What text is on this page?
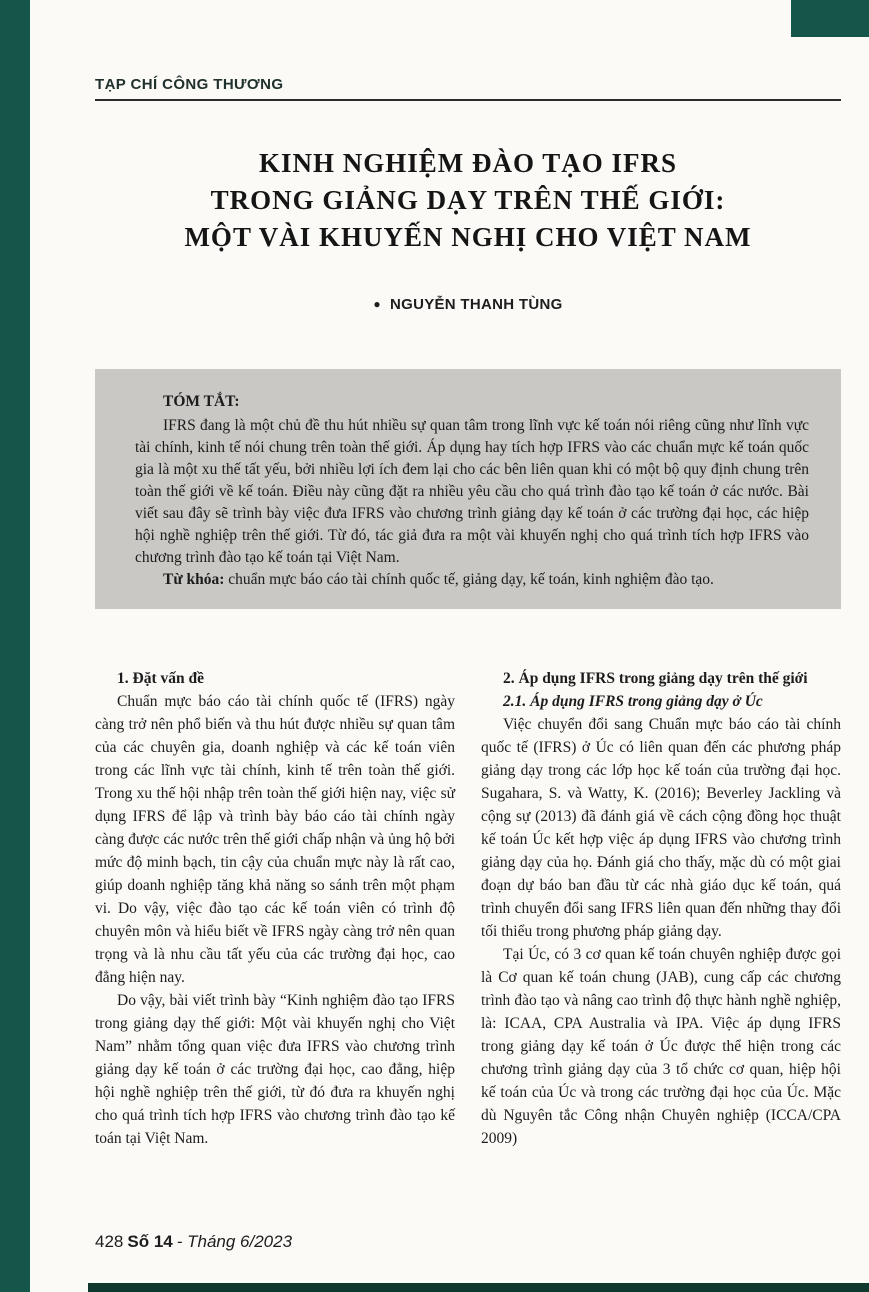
TẠP CHÍ CÔNG THƯƠNG
KINH NGHIỆM ĐÀO TẠO IFRS
TRONG GIẢNG DẠY TRÊN THẾ GIỚI:
MỘT VÀI KHUYẾN NGHỊ CHO VIỆT NAM
● NGUYỄN THANH TÙNG
TÓM TẮT:

IFRS đang là một chủ đề thu hút nhiều sự quan tâm trong lĩnh vực kế toán nói riêng cũng như lĩnh vực tài chính, kinh tế nói chung trên toàn thế giới. Áp dụng hay tích hợp IFRS vào các chuẩn mực kế toán quốc gia là một xu thế tất yếu, bởi nhiều lợi ích đem lại cho các bên liên quan khi có một bộ quy định chung trên toàn thế giới về kế toán. Điều này cũng đặt ra nhiều yêu cầu cho quá trình đào tạo kế toán ở các nước. Bài viết sau đây sẽ trình bày việc đưa IFRS vào chương trình giảng dạy kế toán ở các trường đại học, các hiệp hội nghề nghiệp trên thế giới. Từ đó, tác giả đưa ra một vài khuyến nghị cho quá trình tích hợp IFRS vào chương trình đào tạo kế toán tại Việt Nam.

Từ khóa: chuẩn mực báo cáo tài chính quốc tế, giảng dạy, kế toán, kinh nghiệm đào tạo.

1. Đặt vấn đề

Chuẩn mực báo cáo tài chính quốc tế (IFRS) ngày càng trở nên phổ biến và thu hút được nhiều sự quan tâm của các chuyên gia, doanh nghiệp và các kế toán viên trong các lĩnh vực tài chính, kinh tế trên toàn thế giới. Trong xu thế hội nhập trên toàn thế giới hiện nay, việc sử dụng IFRS để lập và trình bày báo cáo tài chính ngày càng được các nước trên thế giới chấp nhận và ủng hộ bởi mức độ minh bạch, tin cậy của chuẩn mực này là rất cao, giúp doanh nghiệp tăng khả năng so sánh trên một phạm vi. Do vậy, việc đào tạo các kế toán viên có trình độ chuyên môn và hiểu biết về IFRS ngày càng trở nên quan trọng và là nhu cầu tất yếu của các trường đại học, cao đẳng hiện nay.

Do vậy, bài viết trình bày “Kinh nghiệm đào tạo IFRS trong giảng dạy thế giới: Một vài khuyến nghị cho Việt Nam” nhằm tổng quan việc đưa IFRS vào chương trình giảng dạy kế toán ở các trường đại học, cao đẳng, hiệp hội nghề nghiệp trên thế giới, từ đó đưa ra khuyến nghị cho quá trình tích hợp IFRS vào chương trình đào tạo kế toán tại Việt Nam.

2. Áp dụng IFRS trong giảng dạy trên thế giới
2.1. Áp dụng IFRS trong giảng dạy ở Úc

Việc chuyển đổi sang Chuẩn mực báo cáo tài chính quốc tế (IFRS) ở Úc có liên quan đến các phương pháp giảng dạy trong các lớp học kế toán của trường đại học. Sugahara, S. và Watty, K. (2016); Beverley Jackling và cộng sự (2013) đã đánh giá về cách cộng đồng học thuật kế toán Úc kết hợp việc áp dụng IFRS vào chương trình giảng dạy của họ. Đánh giá cho thấy, mặc dù có một giai đoạn dự báo ban đầu từ các nhà giáo dục kế toán, quá trình chuyển đổi sang IFRS liên quan đến những thay đổi tối thiểu trong phương pháp giảng dạy.

Tại Úc, có 3 cơ quan kế toán chuyên nghiệp được gọi là Cơ quan kế toán chung (JAB), cung cấp các chương trình đào tạo và nâng cao trình độ thực hành nghề nghiệp, là: ICAA, CPA Australia và IPA. Việc áp dụng IFRS trong giảng dạy kế toán ở Úc được thể hiện trong các chương trình giảng dạy của 3 tổ chức cơ quan, hiệp hội kế toán của Úc và trong các trường đại học của Úc. Mặc dù Nguyên tắc Công nhận Chuyên nghiệp (ICCA/CPA 2009)

428 Số 14 - Tháng 6/2023
